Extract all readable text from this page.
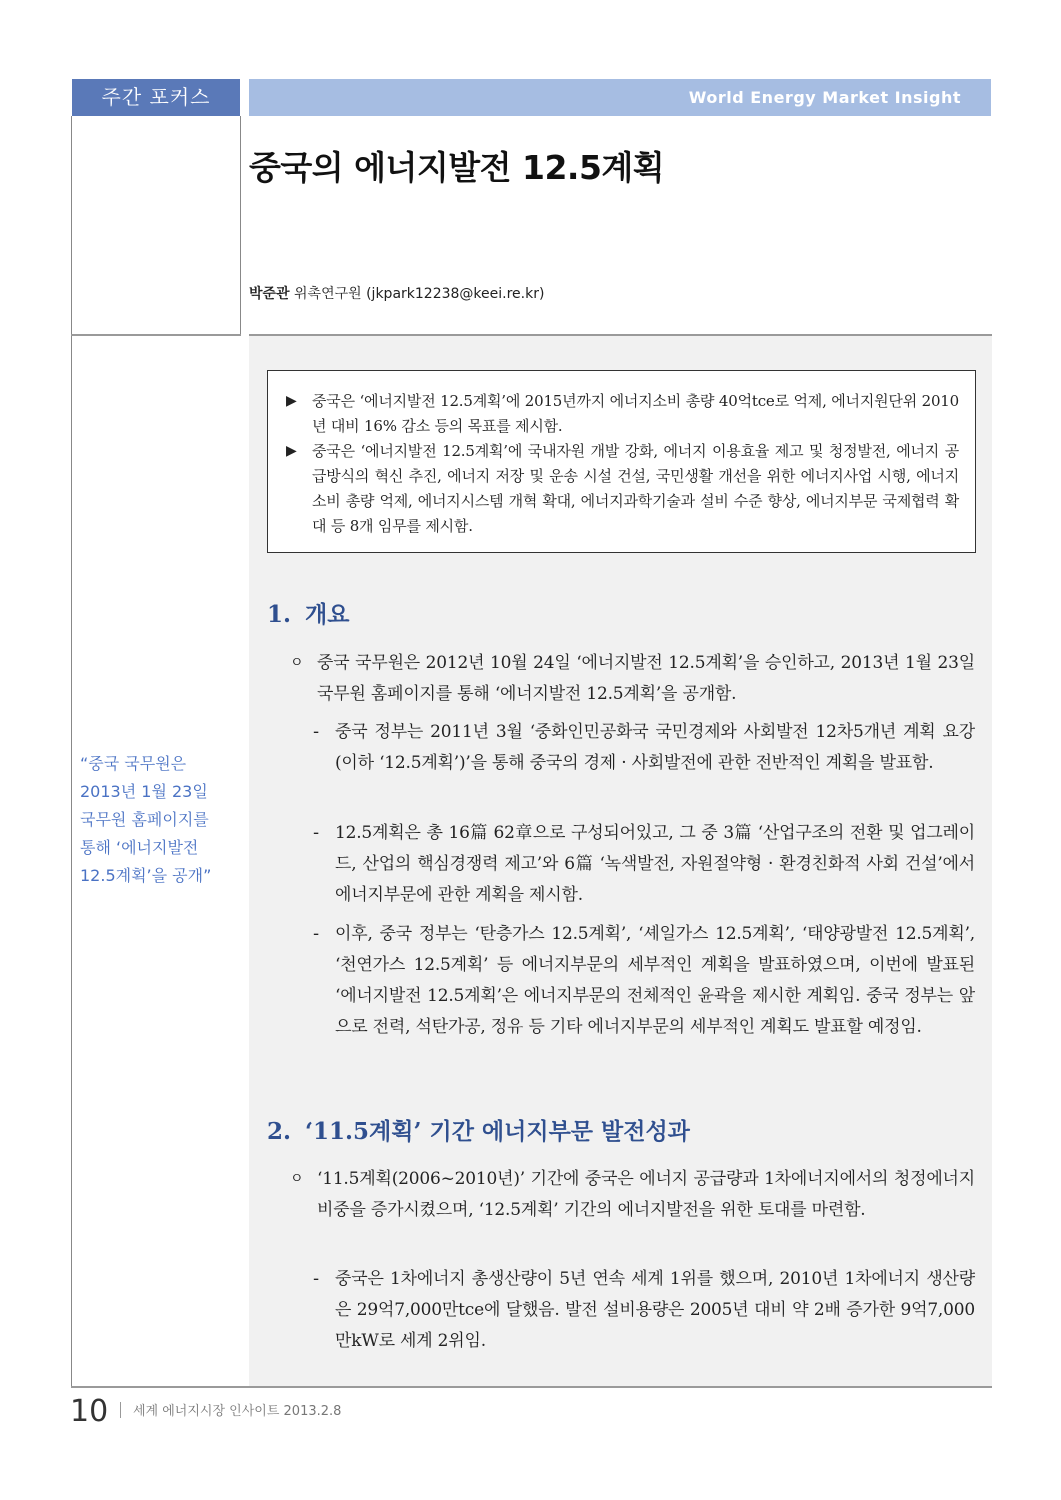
주간 포커스	World Energy Market Insight
중국의 에너지발전 12.5계획
박준관 위촉연구원 (jkpark12238@keei.re.kr)
▶ 중국은 ‘에너지발전 12.5계획’에 2015년까지 에너지소비 총량 40억tce로 억제, 에너지원단위 2010년 대비 16% 감소 등의 목표를 제시함.
▶ 중국은 ‘에너지발전 12.5계획’에 국내자원 개발 강화, 에너지 이용효율 제고 및 청정발전, 에너지 공급방식의 혁신 추진, 에너지 저장 및 운송 시설 건설, 국민생활 개선을 위한 에너지사업 시행, 에너지소비 총량 억제, 에너지시스템 개혁 확대, 에너지과학기술과 설비 수준 향상, 에너지부문 국제협력 확대 등 8개 임무를 제시함.
1. 개요
ㅇ 중국 국무원은 2012년 10월 24일 ‘에너지발전 12.5계획’을 승인하고, 2013년 1월 23일 국무원 홈페이지를 통해 ‘에너지발전 12.5계획’을 공개함.
- 중국 정부는 2011년 3월 ‘중화인민공화국 국민경제와 사회발전 12차5개년 계획 요강(이하 ‘12.5계획’)’을 통해 중국의 경제 · 사회발전에 관한 전반적인 계획을 발표함.
- 12.5계획은 총 16篇 62章으로 구성되어있고, 그 중 3篇 ‘산업구조의 전환 및 업그레이드, 산업의 핵심경쟁력 제고’와 6篇 ‘녹색발전, 자원절약형 · 환경친화적 사회 건설’에서 에너지부문에 관한 계획을 제시함.
- 이후, 중국 정부는 ‘탄층가스 12.5계획’, ‘셰일가스 12.5계획’, ‘태양광발전 12.5계획’, ‘천연가스 12.5계획’ 등 에너지부문의 세부적인 계획을 발표하였으며, 이번에 발표된 ‘에너지발전 12.5계획’은 에너지부문의 전체적인 윤곽을 제시한 계획임. 중국 정부는 앞으로 전력, 석탄가공, 정유 등 기타 에너지부문의 세부적인 계획도 발표할 예정임.
2. ‘11.5계획’ 기간 에너지부문 발전성과
ㅇ ‘11.5계획(2006~2010년)’ 기간에 중국은 에너지 공급량과 1차에너지에서의 청정에너지 비중을 증가시켰으며, ‘12.5계획’ 기간의 에너지발전을 위한 토대를 마련함.
- 중국은 1차에너지 총생산량이 5년 연속 세계 1위를 했으며, 2010년 1차에너지 생산량은 29억7,000만tce에 달했음. 발전 설비용량은 2005년 대비 약 2배 증가한 9억7,000만kW로 세계 2위임.
“중국 국무원은
2013년 1월 23일
국무원 홈페이지를
통해 ‘에너지발전
12.5계획’을 공개”
10 세계 에너지시장 인사이트 2013.2.8
